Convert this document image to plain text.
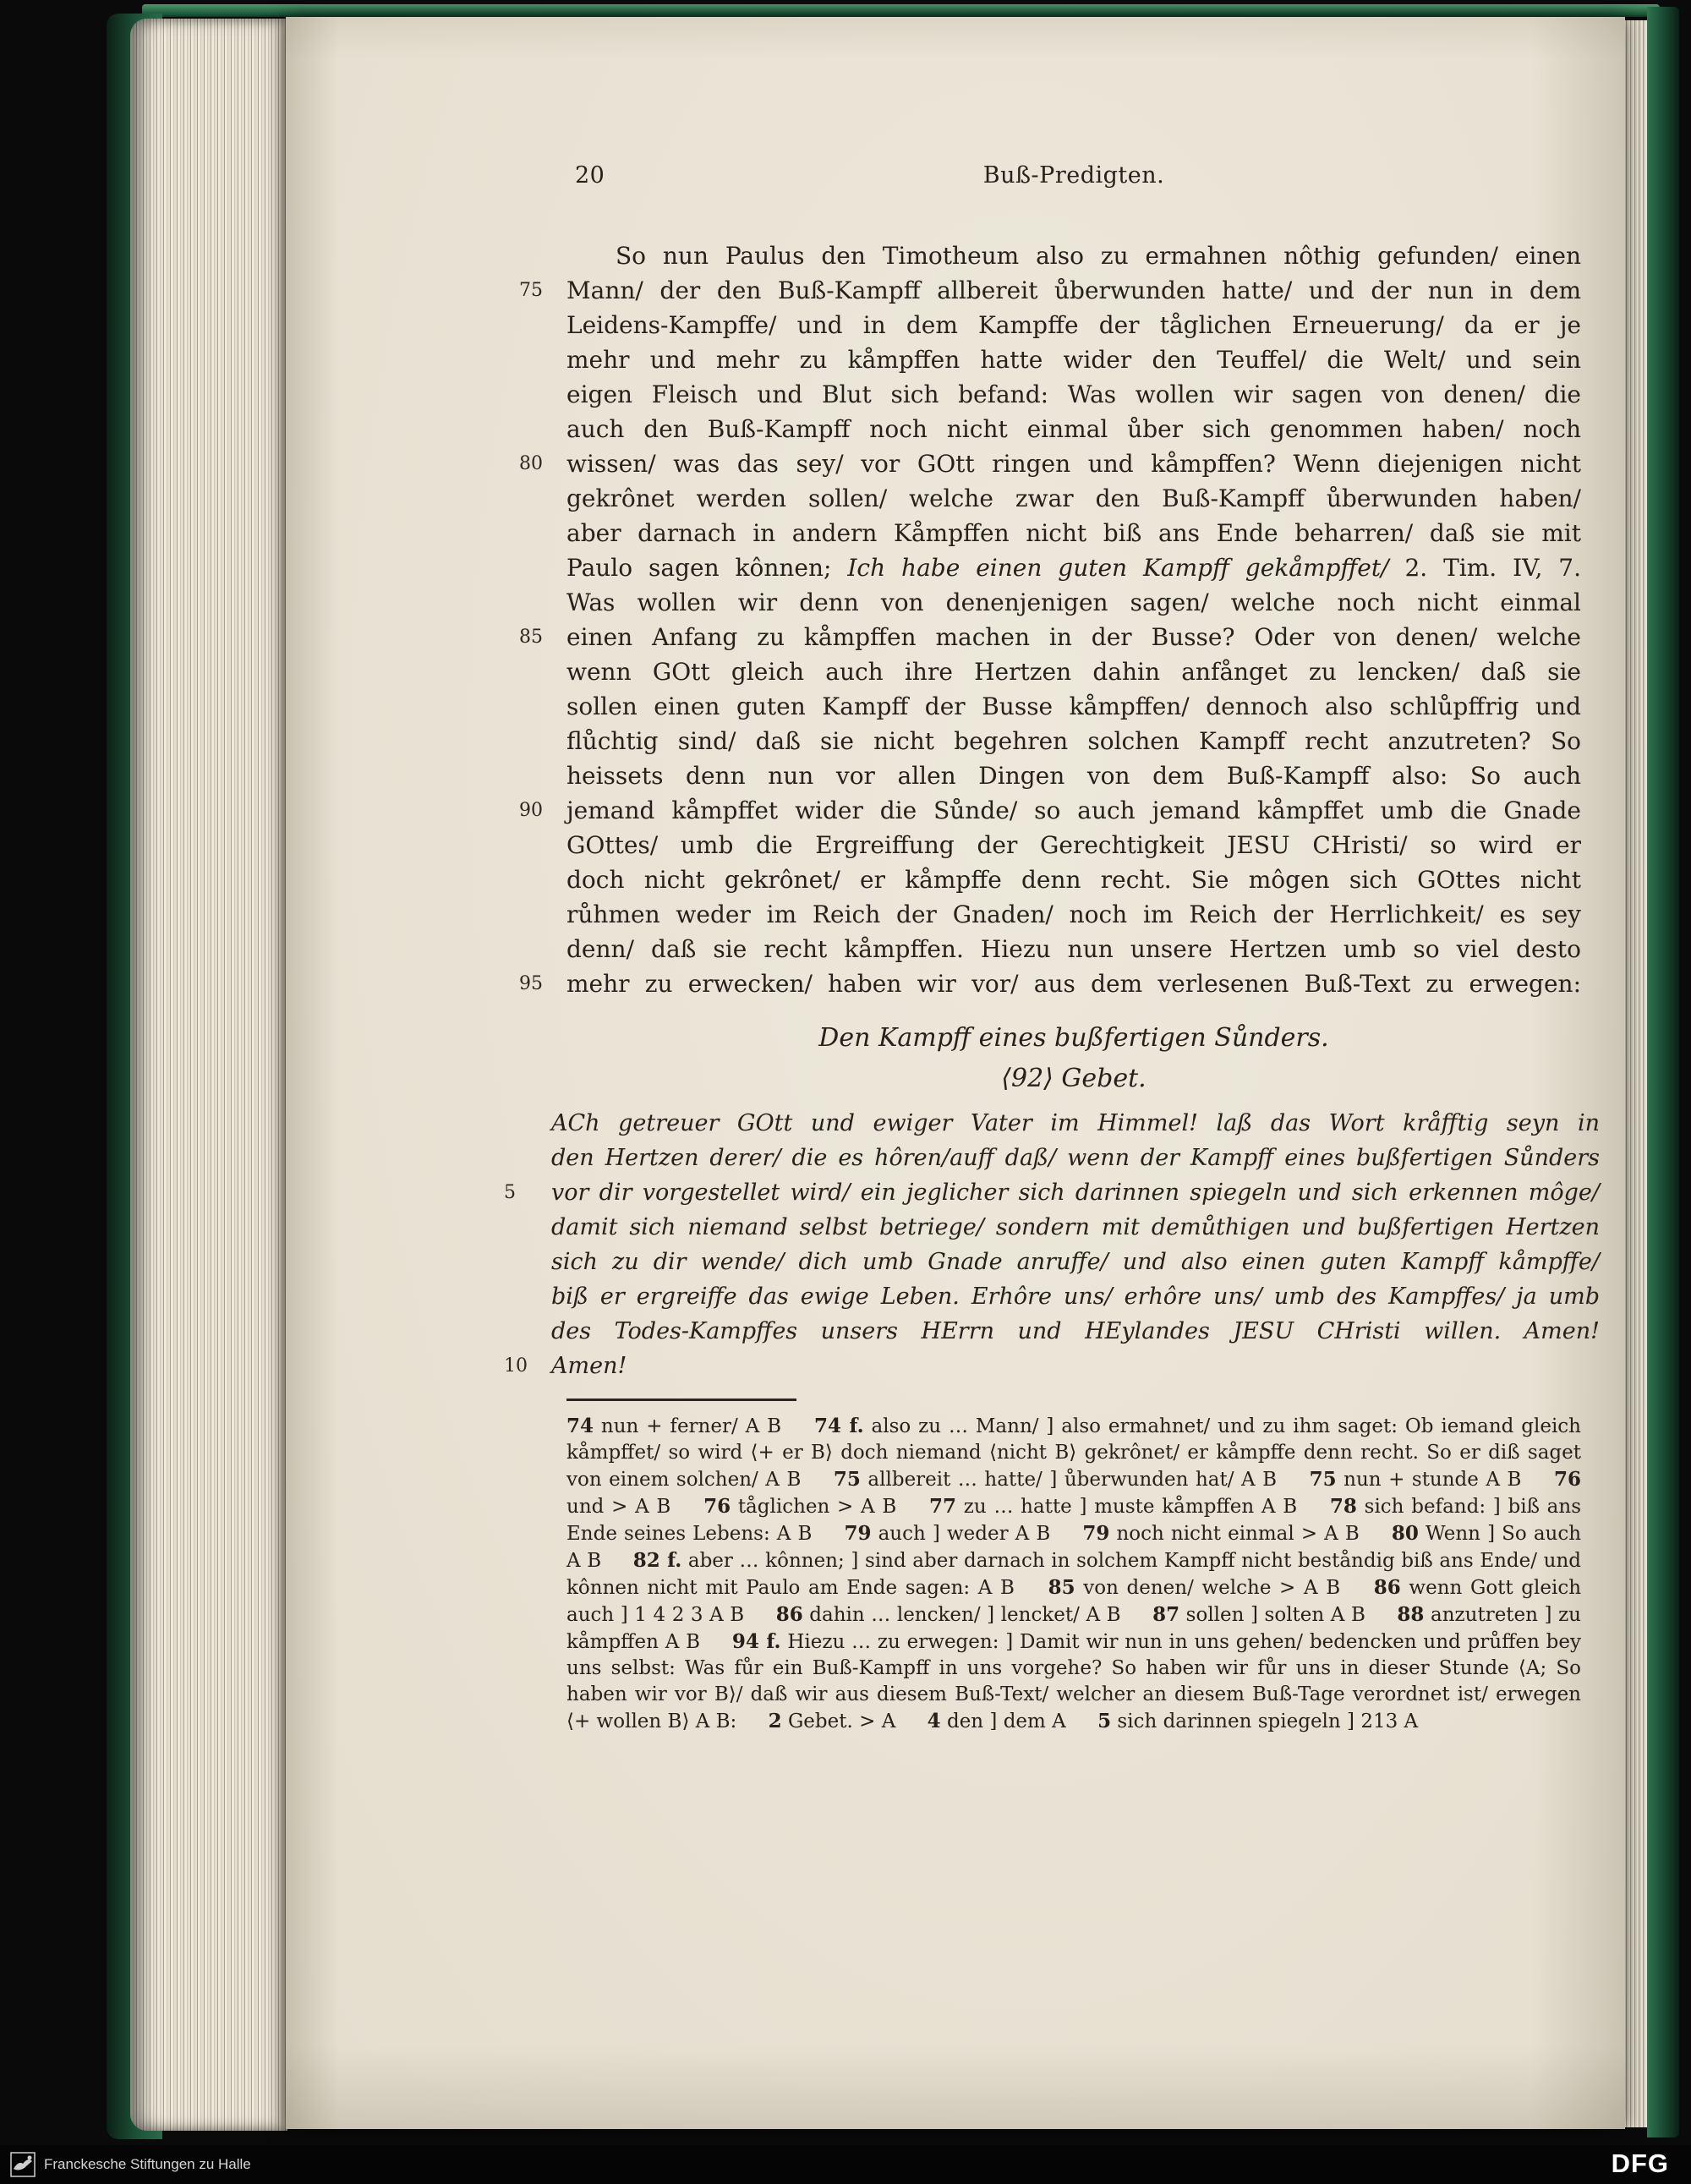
20	Buß-Predigten.
So nun Paulus den Timotheum also zu ermahnen nôthig gefunden/ einen
75	Mann/ der den Buß-Kampff allbereit ůberwunden hatte/ und der nun in dem
Leidens-Kampffe/ und in dem Kampffe der tåglichen Erneuerung/ da er je
mehr und mehr zu kåmpffen hatte wider den Teuffel/ die Welt/ und sein
eigen Fleisch und Blut sich befand: Was wollen wir sagen von denen/ die
auch den Buß-Kampff noch nicht einmal ůber sich genommen haben/ noch
80	wissen/ was das sey/ vor GOtt ringen und kåmpffen? Wenn diejenigen nicht
gekrônet werden sollen/ welche zwar den Buß-Kampff ůberwunden haben/
aber darnach in andern Kåmpffen nicht biß ans Ende beharren/ daß sie mit
Paulo sagen kônnen; Ich habe einen guten Kampff gekåmpffet/ 2. Tim. IV, 7.
Was wollen wir denn von denenjenigen sagen/ welche noch nicht einmal
85	einen Anfang zu kåmpffen machen in der Busse? Oder von denen/ welche
wenn GOtt gleich auch ihre Hertzen dahin anfånget zu lencken/ daß sie
sollen einen guten Kampff der Busse kåmpffen/ dennoch also schlůpffrig und
flůchtig sind/ daß sie nicht begehren solchen Kampff recht anzutreten? So
heissets denn nun vor allen Dingen von dem Buß-Kampff also: So auch
90	jemand kåmpffet wider die Sůnde/ so auch jemand kåmpffet umb die Gnade
GOttes/ umb die Ergreiffung der Gerechtigkeit JESU CHristi/ so wird er
doch nicht gekrônet/ er kåmpffe denn recht. Sie môgen sich GOttes nicht
růhmen weder im Reich der Gnaden/ noch im Reich der Herrlichkeit/ es sey
denn/ daß sie recht kåmpffen. Hiezu nun unsere Hertzen umb so viel desto
95	mehr zu erwecken/ haben wir vor/ aus dem verlesenen Buß-Text zu erwegen:
Den Kampff eines bußfertigen Sůnders.
⟨92⟩ Gebet.
ACh getreuer GOtt und ewiger Vater im Himmel! laß das Wort kråfftig seyn in
den Hertzen derer/ die es hôren/auff daß/ wenn der Kampff eines bußfertigen Sůnders
5	vor dir vorgestellet wird/ ein jeglicher sich darinnen spiegeln und sich erkennen môge/
damit sich niemand selbst betriege/ sondern mit demůthigen und bußfertigen Hertzen
sich zu dir wende/ dich umb Gnade anruffe/ und also einen guten Kampff kåmpffe/
biß er ergreiffe das ewige Leben. Erhôre uns/ erhôre uns/ umb des Kampffes/ ja umb
des Todes-Kampffes unsers HErrn und HEylandes JESU CHristi willen. Amen!
10	Amen!
74 nun + ferner/ A B 74 f. also zu … Mann/ ] also ermahnet/ und zu ihm saget: Ob iemand gleich kåmpffet/ so wird ⟨+ er B⟩ doch niemand ⟨nicht B⟩ gekrônet/ er kåmpffe denn recht. So er diß saget von einem solchen/ A B 75 allbereit … hatte/ ] ůberwunden hat/ A B 75 nun + stunde A B 76 und > A B 76 tåglichen > A B 77 zu … hatte ] muste kåmpffen A B 78 sich befand: ] biß ans Ende seines Lebens: A B 79 auch ] weder A B 79 noch nicht einmal > A B 80 Wenn ] So auch A B 82 f. aber … kônnen; ] sind aber darnach in solchem Kampff nicht beståndig biß ans Ende/ und kônnen nicht mit Paulo am Ende sagen: A B 85 von denen/ welche > A B 86 wenn Gott gleich auch ] 1 4 2 3 A B 86 dahin … lencken/ ] lencket/ A B 87 sollen ] solten A B 88 anzutreten ] zu kåmpffen A B 94 f. Hiezu … zu erwegen: ] Damit wir nun in uns gehen/ bedencken und průffen bey uns selbst: Was fůr ein Buß-Kampff in uns vorgehe? So haben wir fůr uns in dieser Stunde ⟨A; So haben wir vor B⟩/ daß wir aus diesem Buß-Text/ welcher an diesem Buß-Tage verordnet ist/ erwegen ⟨+ wollen B⟩ A B: 2 Gebet. > A 4 den ] dem A 5 sich darinnen spiegeln ] 213 A
Franckesche Stiftungen zu Halle	DFG
